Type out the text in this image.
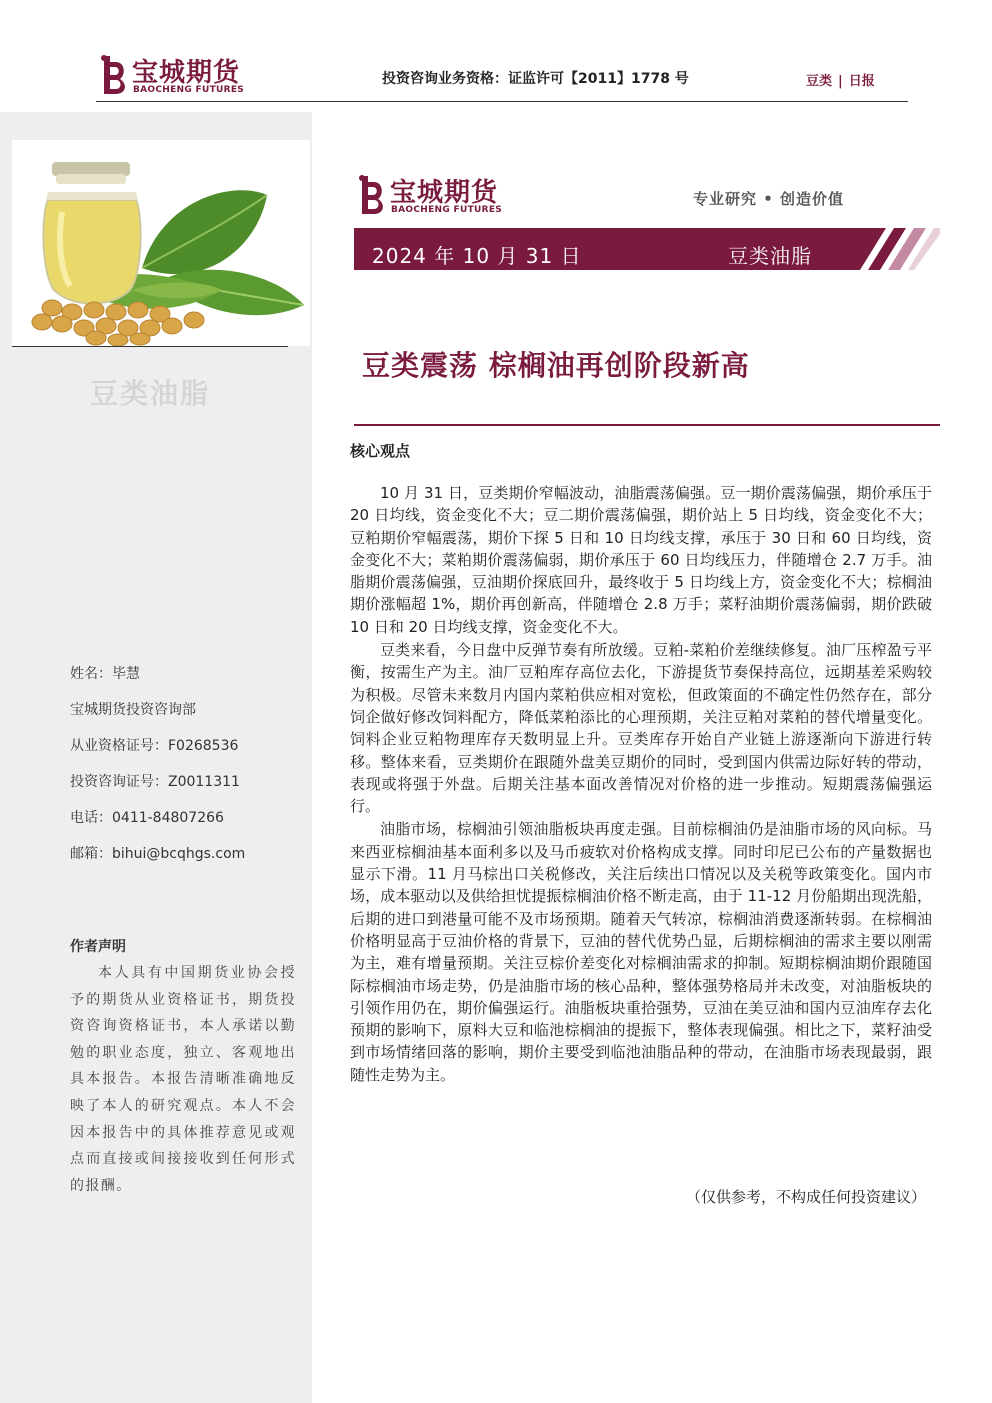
宝城期货
BAOCHENG FUTURES
投资咨询业务资格：证监许可【2011】1778 号	豆类 | 日报
豆类油脂
姓名：毕慧
宝城期货投资咨询部
从业资格证号：F0268536
投资咨询证号：Z0011311
电话：0411-84807266
邮箱：bihui@bcqhgs.com
作者声明
本人具有中国期货业协会授予的期货从业资格证书，期货投资咨询资格证书，本人承诺以勤勉的职业态度，独立、客观地出具本报告。本报告清晰准确地反映了本人的研究观点。本人不会因本报告中的具体推荐意见或观点而直接或间接接收到任何形式的报酬。
宝城期货
BAOCHENG FUTURES
专业研究 • 创造价值
2024 年 10 月 31 日	豆类油脂
豆类震荡 棕榈油再创阶段新高
核心观点

10 月 31 日，豆类期价窄幅波动，油脂震荡偏强。豆一期价震荡偏强，期价承压于 20 日均线，资金变化不大；豆二期价震荡偏强，期价站上 5 日均线，资金变化不大；豆粕期价窄幅震荡，期价下探 5 日和 10 日均线支撑，承压于 30 日和 60 日均线，资金变化不大；菜粕期价震荡偏弱，期价承压于 60 日均线压力，伴随增仓 2.7 万手。油脂期价震荡偏强，豆油期价探底回升，最终收于 5 日均线上方，资金变化不大；棕榈油期价涨幅超 1%，期价再创新高，伴随增仓 2.8 万手；菜籽油期价震荡偏弱，期价跌破 10 日和 20 日均线支撑，资金变化不大。

豆类来看，今日盘中反弹节奏有所放缓。豆粕-菜粕价差继续修复。油厂压榨盈亏平衡，按需生产为主。油厂豆粕库存高位去化，下游提货节奏保持高位，远期基差采购较为积极。尽管未来数月内国内菜粕供应相对宽松，但政策面的不确定性仍然存在，部分饲企做好修改饲料配方，降低菜粕添比的心理预期，关注豆粕对菜粕的替代增量变化。饲料企业豆粕物理库存天数明显上升。豆类库存开始自产业链上游逐渐向下游进行转移。整体来看，豆类期价在跟随外盘美豆期价的同时，受到国内供需边际好转的带动，表现或将强于外盘。后期关注基本面改善情况对价格的进一步推动。短期震荡偏强运行。

油脂市场，棕榈油引领油脂板块再度走强。目前棕榈油仍是油脂市场的风向标。马来西亚棕榈油基本面利多以及马币疲软对价格构成支撑。同时印尼已公布的产量数据也显示下滑。11 月马棕出口关税修改，关注后续出口情况以及关税等政策变化。国内市场，成本驱动以及供给担忧提振棕榈油价格不断走高，由于 11-12 月份船期出现洗船，后期的进口到港量可能不及市场预期。随着天气转凉，棕榈油消费逐渐转弱。在棕榈油价格明显高于豆油价格的背景下，豆油的替代优势凸显，后期棕榈油的需求主要以刚需为主，难有增量预期。关注豆棕价差变化对棕榈油需求的抑制。短期棕榈油期价跟随国际棕榈油市场走势，仍是油脂市场的核心品种，整体强势格局并未改变，对油脂板块的引领作用仍在，期价偏强运行。油脂板块重拾强势，豆油在美豆油和国内豆油库存去化预期的影响下，原料大豆和临池棕榈油的提振下，整体表现偏强。相比之下，菜籽油受到市场情绪回落的影响，期价主要受到临池油脂品种的带动，在油脂市场表现最弱，跟随性走势为主。

（仅供参考，不构成任何投资建议）
